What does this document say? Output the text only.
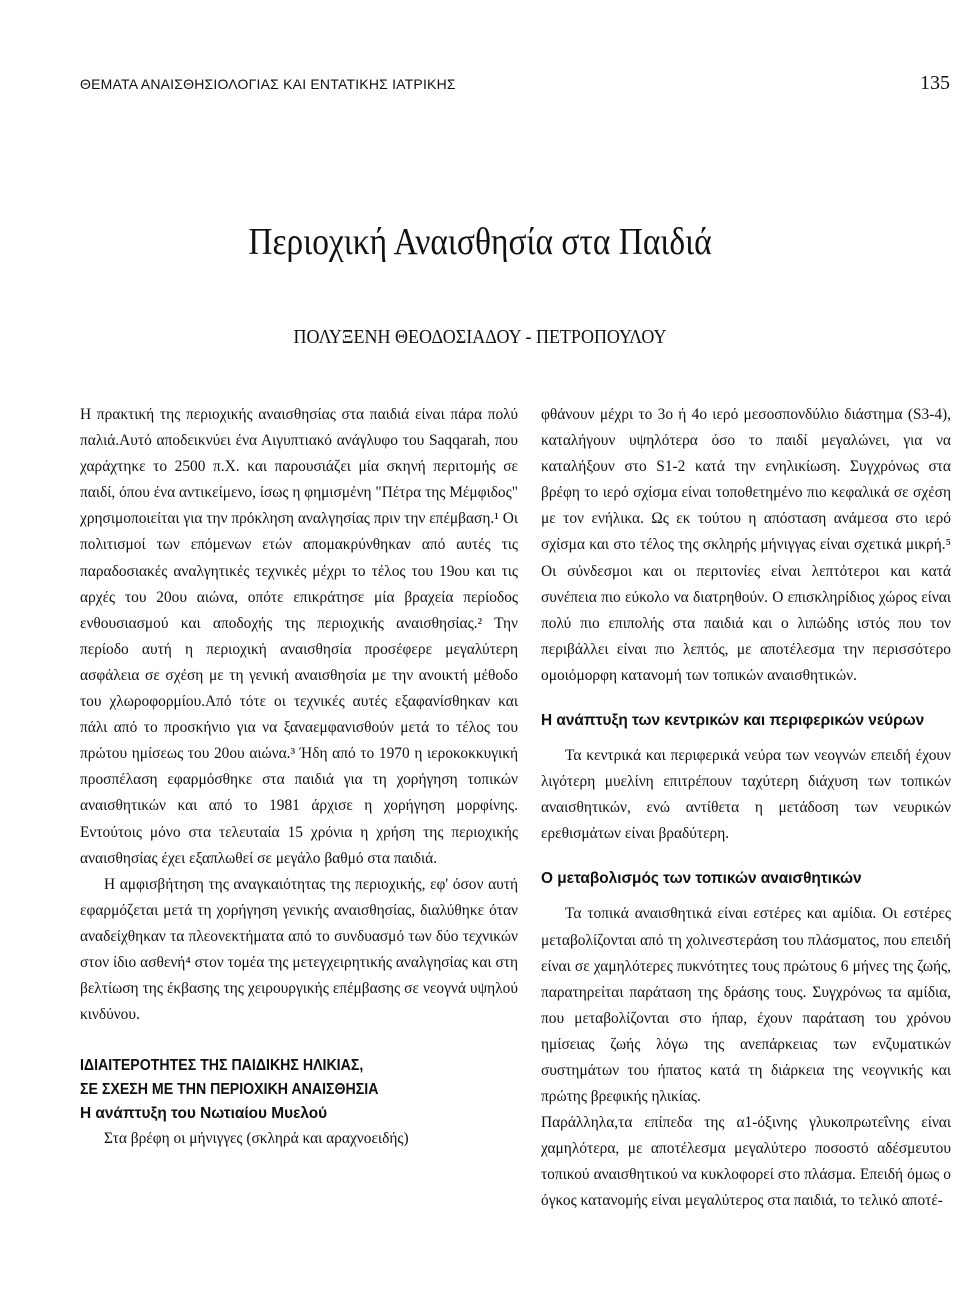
ΘΕΜΑΤΑ ΑΝΑΙΣΘΗΣΙΟΛΟΓΙΑΣ ΚΑΙ ΕΝΤΑΤΙΚΗΣ ΙΑΤΡΙΚΗΣ	135
Περιοχική Αναισθησία στα Παιδιά
ΠΟΛΥΞΕΝΗ ΘΕΟΔΟΣΙΑΔΟΥ - ΠΕΤΡΟΠΟΥΛΟΥ

Η πρακτική της περιοχικής αναισθησίας στα παιδιά είναι πάρα πολύ παλιά.Αυτό αποδεικνύει ένα Αιγυπτιακό ανάγλυφο του Saqqarah, που χαράχτηκε το 2500 π.Χ. και παρουσιάζει μία σκηνή περιτομής σε παιδί, όπου ένα αντικείμενο, ίσως η φημισμένη "Πέτρα της Μέμφιδος" χρησιμοποιείται για την πρόκληση αναλγησίας πριν την επέμβαση.¹ Οι πολιτισμοί των επόμενων ετών απομακρύνθηκαν από αυτές τις παραδοσιακές αναλγητικές τεχνικές μέχρι το τέλος του 19ου και τις αρχές του 20ου αιώνα, οπότε επικράτησε μία βραχεία περίοδος ενθουσιασμού και αποδοχής της περιοχικής αναισθησίας.² Την περίοδο αυτή η περιοχική αναισθησία προσέφερε μεγαλύτερη ασφάλεια σε σχέση με τη γενική αναισθησία με την ανοικτή μέθοδο του χλωροφορμίου.Από τότε οι τεχνικές αυτές εξαφανίσθηκαν και πάλι από το προσκήνιο για να ξαναεμφανισθούν μετά το τέλος του πρώτου ημίσεως του 20ου αιώνα.³ Ήδη από το 1970 η ιεροκοκκυγική προσπέλαση εφαρμόσθηκε στα παιδιά για τη χορήγηση τοπικών αναισθητικών και από το 1981 άρχισε η χορήγηση μορφίνης. Εντούτοις μόνο στα τελευταία 15 χρόνια η χρήση της περιοχικής αναισθησίας έχει εξαπλωθεί σε μεγάλο βαθμό στα παιδιά.

Η αμφισβήτηση της αναγκαιότητας της περιοχικής, εφ' όσον αυτή εφαρμόζεται μετά τη χορήγηση γενικής αναισθησίας, διαλύθηκε όταν αναδείχθηκαν τα πλεονεκτήματα από το συνδυασμό των δύο τεχνικών στον ίδιο ασθενή⁴ στον τομέα της μετεγχειρητικής αναλγησίας και στη βελτίωση της έκβασης της χειρουργικής επέμβασης σε νεογνά υψηλού κινδύνου.

ΙΔΙΑΙΤΕΡΟΤΗΤΕΣ ΤΗΣ ΠΑΙΔΙΚΗΣ ΗΛΙΚΙΑΣ,
ΣΕ ΣΧΕΣΗ ΜΕ ΤΗΝ ΠΕΡΙΟΧΙΚΗ ΑΝΑΙΣΘΗΣΙΑ
Η ανάπτυξη του Νωτιαίου Μυελού

Στα βρέφη οι μήνιγγες (σκληρά και αραχνοειδής)

φθάνουν μέχρι το 3ο ή 4ο ιερό μεσοσπονδύλιο διάστημα (S3-4), καταλήγουν υψηλότερα όσο το παιδί μεγαλώνει, για να καταλήξουν στο S1-2 κατά την ενηλικίωση. Συγχρόνως στα βρέφη το ιερό σχίσμα είναι τοποθετημένο πιο κεφαλικά σε σχέση με τον ενήλικα. Ως εκ τούτου η απόσταση ανάμεσα στο ιερό σχίσμα και στο τέλος της σκληρής μήνιγγας είναι σχετικά μικρή.⁵ Οι σύνδεσμοι και οι περιτονίες είναι λεπτότεροι και κατά συνέπεια πιο εύκολο να διατρηθούν. Ο επισκληρίδιος χώρος είναι πολύ πιο επιπολής στα παιδιά και ο λιπώδης ιστός που τον περιβάλλει είναι πιο λεπτός, με αποτέλεσμα την περισσότερο ομοιόμορφη κατανομή των τοπικών αναισθητικών.

Η ανάπτυξη των κεντρικών και περιφερικών νεύρων

Τα κεντρικά και περιφερικά νεύρα των νεογνών επειδή έχουν λιγότερη μυελίνη επιτρέπουν ταχύτερη διάχυση των τοπικών αναισθητικών, ενώ αντίθετα η μετάδοση των νευρικών ερεθισμάτων είναι βραδύτερη.

Ο μεταβολισμός των τοπικών αναισθητικών

Τα τοπικά αναισθητικά είναι εστέρες και αμίδια. Οι εστέρες μεταβολίζονται από τη χολινεστεράση του πλάσματος, που επειδή είναι σε χαμηλότερες πυκνότητες τους πρώτους 6 μήνες της ζωής, παρατηρείται παράταση της δράσης τους. Συγχρόνως τα αμίδια, που μεταβολίζονται στο ήπαρ, έχουν παράταση του χρόνου ημίσειας ζωής λόγω της ανεπάρκειας των ενζυματικών συστημάτων του ήπατος κατά τη διάρκεια της νεογνικής και πρώτης βρεφικής ηλικίας.

Παράλληλα,τα επίπεδα της α1-όξινης γλυκοπρωτεΐνης είναι χαμηλότερα, με αποτέλεσμα μεγαλύτερο ποσοστό αδέσμευτου τοπικού αναισθητικού να κυκλοφορεί στο πλάσμα. Επειδή όμως ο όγκος κατανομής είναι μεγαλύτερος στα παιδιά, το τελικό αποτέ-
